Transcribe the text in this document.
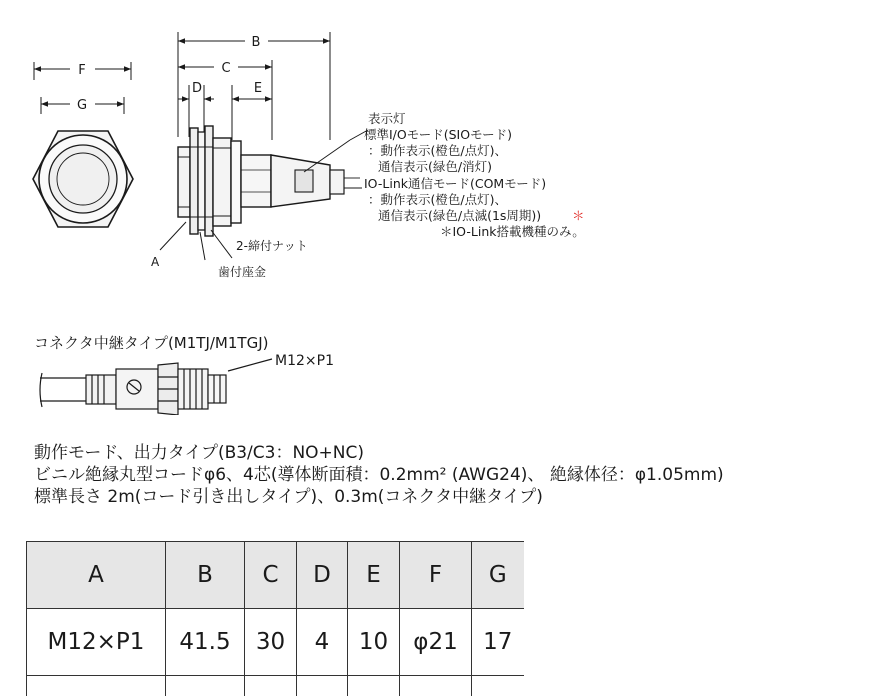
F
G
B
C
D	E
A
2-締付ナット
歯付座金
表示灯
標準I/Oモード(SIOモード)
：動作表示(橙色/点灯)、
通信表示(緑色/消灯)
IO-Link通信モード(COMモード)
：動作表示(橙色/点灯)、
通信表示(緑色/点滅(1s周期)) ＊
＊IO-Link搭載機種のみ。
コネクタ中継タイプ(M1TJ/M1TGJ)
M12×P1
動作モード、出力タイプ(B3/C3：NO+NC)
ビニル絶縁丸型コードφ6、4芯(導体断面積：0.2mm² (AWG24)、 絶縁体径：φ1.05mm)
標準長さ 2m(コード引き出しタイプ)、0.3m(コネクタ中継タイプ)
A	B	C	D	E	F	G
M12×P1	41.5	30	4	10	φ21	17
